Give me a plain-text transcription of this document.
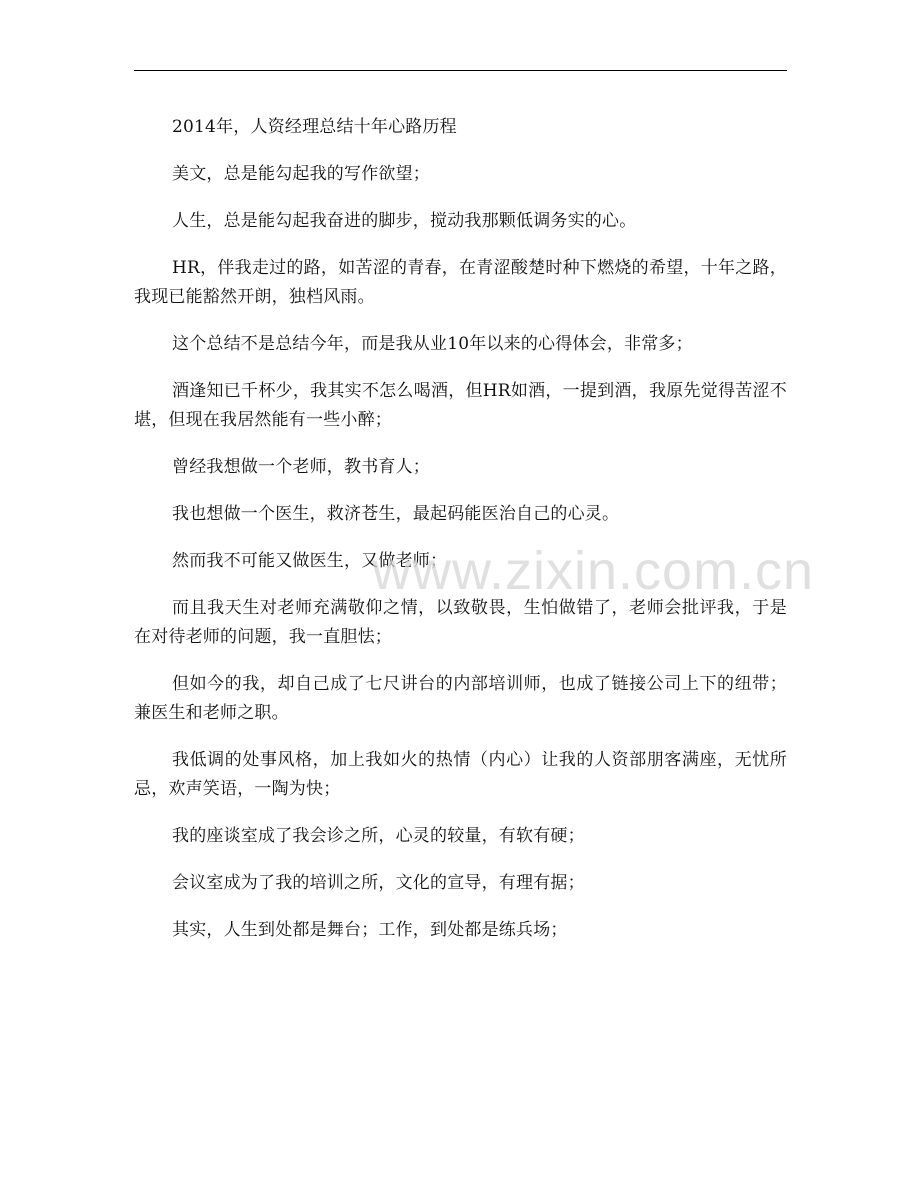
2014年，人资经理总结十年心路历程

美文，总是能勾起我的写作欲望；

人生，总是能勾起我奋进的脚步，搅动我那颗低调务实的心。

HR，伴我走过的路，如苦涩的青春，在青涩酸楚时种下燃烧的希望，十年之路，我现已能豁然开朗，独档风雨。

这个总结不是总结今年，而是我从业10年以来的心得体会，非常多；

酒逢知已千杯少，我其实不怎么喝酒，但HR如酒，一提到酒，我原先觉得苦涩不堪，但现在我居然能有一些小醉；

曾经我想做一个老师，教书育人；

我也想做一个医生，救济苍生，最起码能医治自己的心灵。

然而我不可能又做医生，又做老师；

而且我天生对老师充满敬仰之情，以致敬畏，生怕做错了，老师会批评我，于是在对待老师的问题，我一直胆怯；

但如今的我，却自己成了七尺讲台的内部培训师，也成了链接公司上下的纽带；兼医生和老师之职。

我低调的处事风格，加上我如火的热情（内心）让我的人资部朋客满座，无忧所忌，欢声笑语，一陶为快；

我的座谈室成了我会诊之所，心灵的较量，有软有硬；

会议室成为了我的培训之所，文化的宣导，有理有据；

其实，人生到处都是舞台；工作，到处都是练兵场；

www.zixin.com.cn
